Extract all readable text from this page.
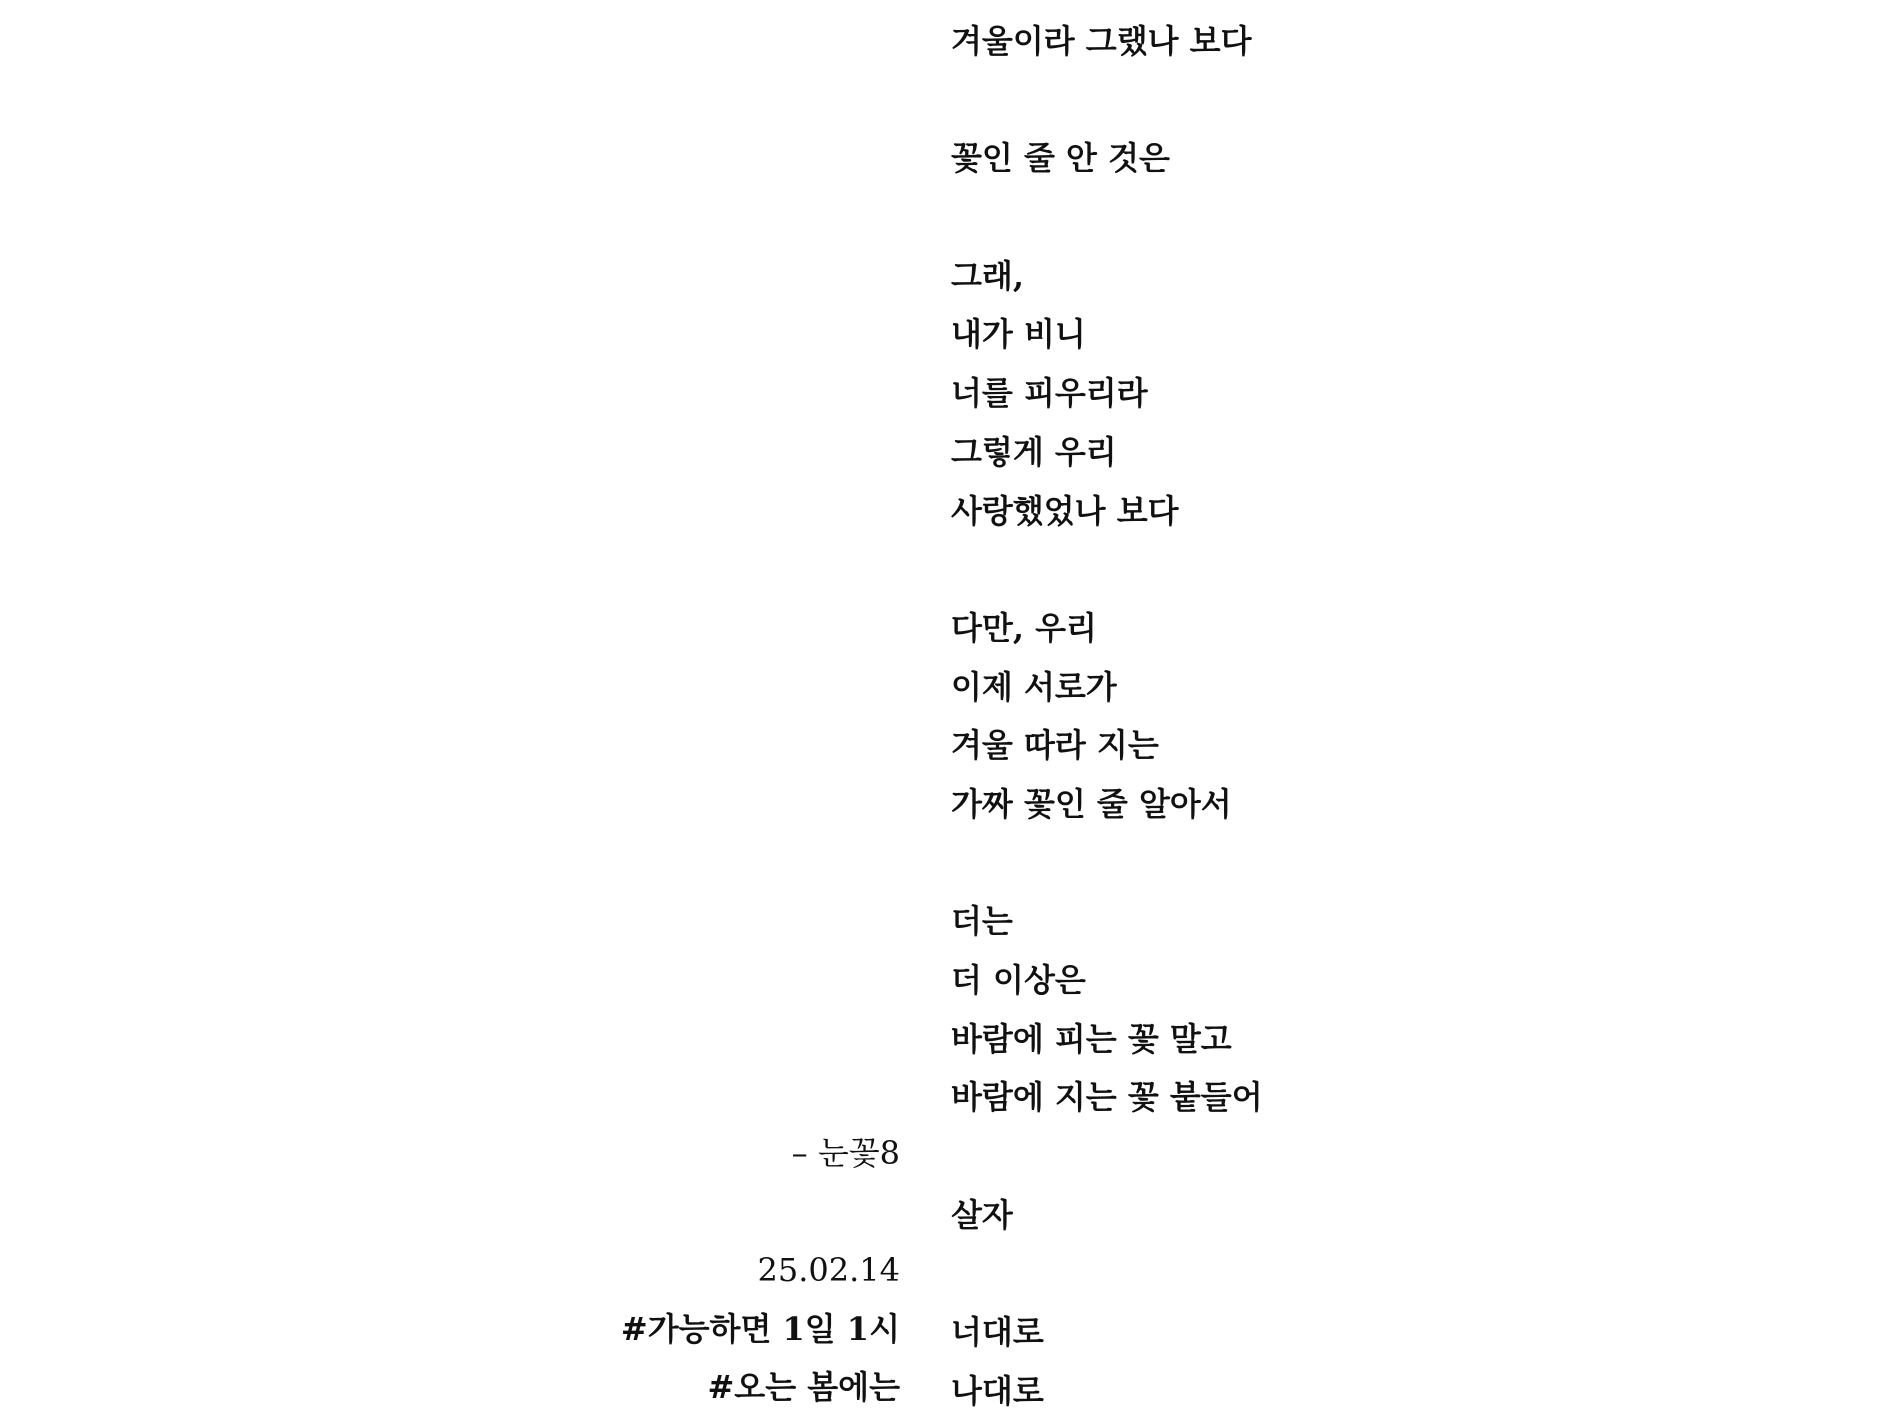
겨울이라 그랬나 보다
꽃인 줄 안 것은
그래,
내가 비니
너를 피우리라
그렇게 우리
사랑했었나 보다
다만, 우리
이제 서로가
겨울 따라 지는
가짜 꽃인 줄 알아서
더는
더 이상은
바람에 피는 꽃 말고
바람에 지는 꽃 붙들어
살자
너대로
나대로
– 눈꽃8
25.02.14
#가능하면 1일 1시
#오는 봄에는
